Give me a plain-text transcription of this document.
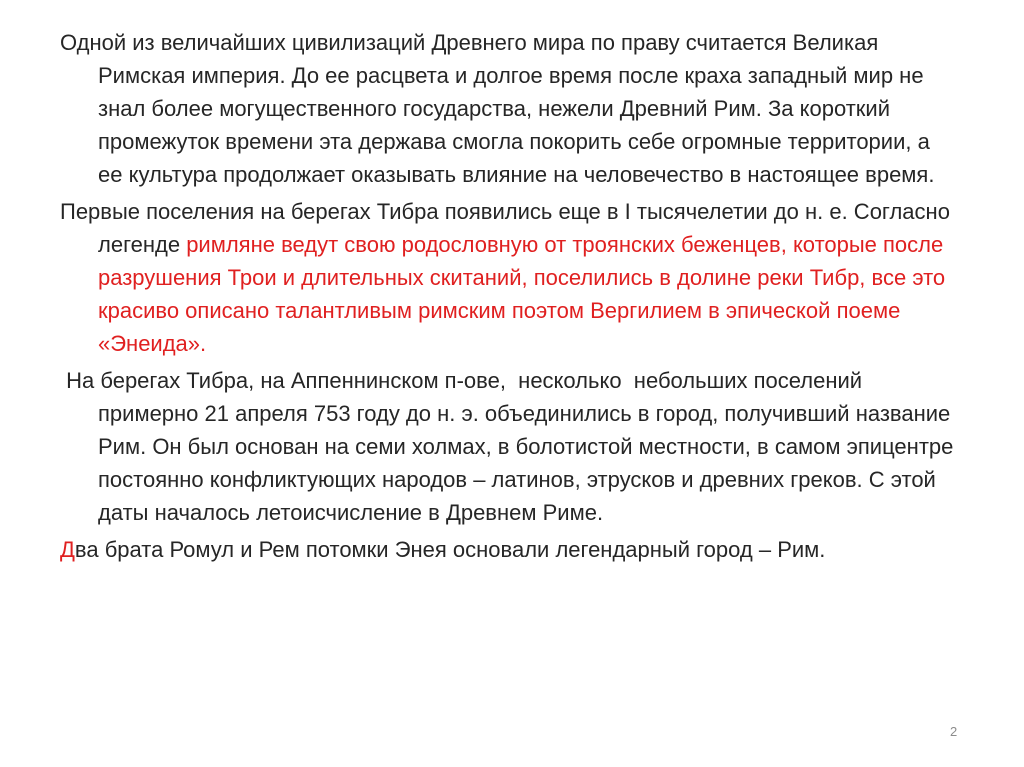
Одной из величайших цивилизаций Древнего мира по праву считается Великая Римская империя. До ее расцвета и долгое время после краха западный мир не знал более могущественного государства, нежели Древний Рим. За короткий промежуток времени эта держава смогла покорить себе огромные территории, а ее культура продолжает оказывать влияние на человечество в настоящее время.

Первые поселения на берегах Тибра появились еще в I тысячелетии до н. е. Согласно легенде римляне ведут свою родословную от троянских беженцев, которые после разрушения Трои и длительных скитаний, поселились в долине реки Тибр, все это красиво описано талантливым римским поэтом Вергилием в эпической поеме «Энеида».

На берегах Тибра, на Аппеннинском п-ове,  несколько  небольших поселений  примерно 21 апреля 753 году до н. э. объединились в город, получивший название Рим. Он был основан на семи холмах, в болотистой местности, в самом эпицентре постоянно конфликтующих народов – латинов, этрусков и древних греков. С этой даты началось летоисчисление в Древнем Риме.

Два брата Ромул и Рем потомки Энея основали легендарный город – Рим.

2
